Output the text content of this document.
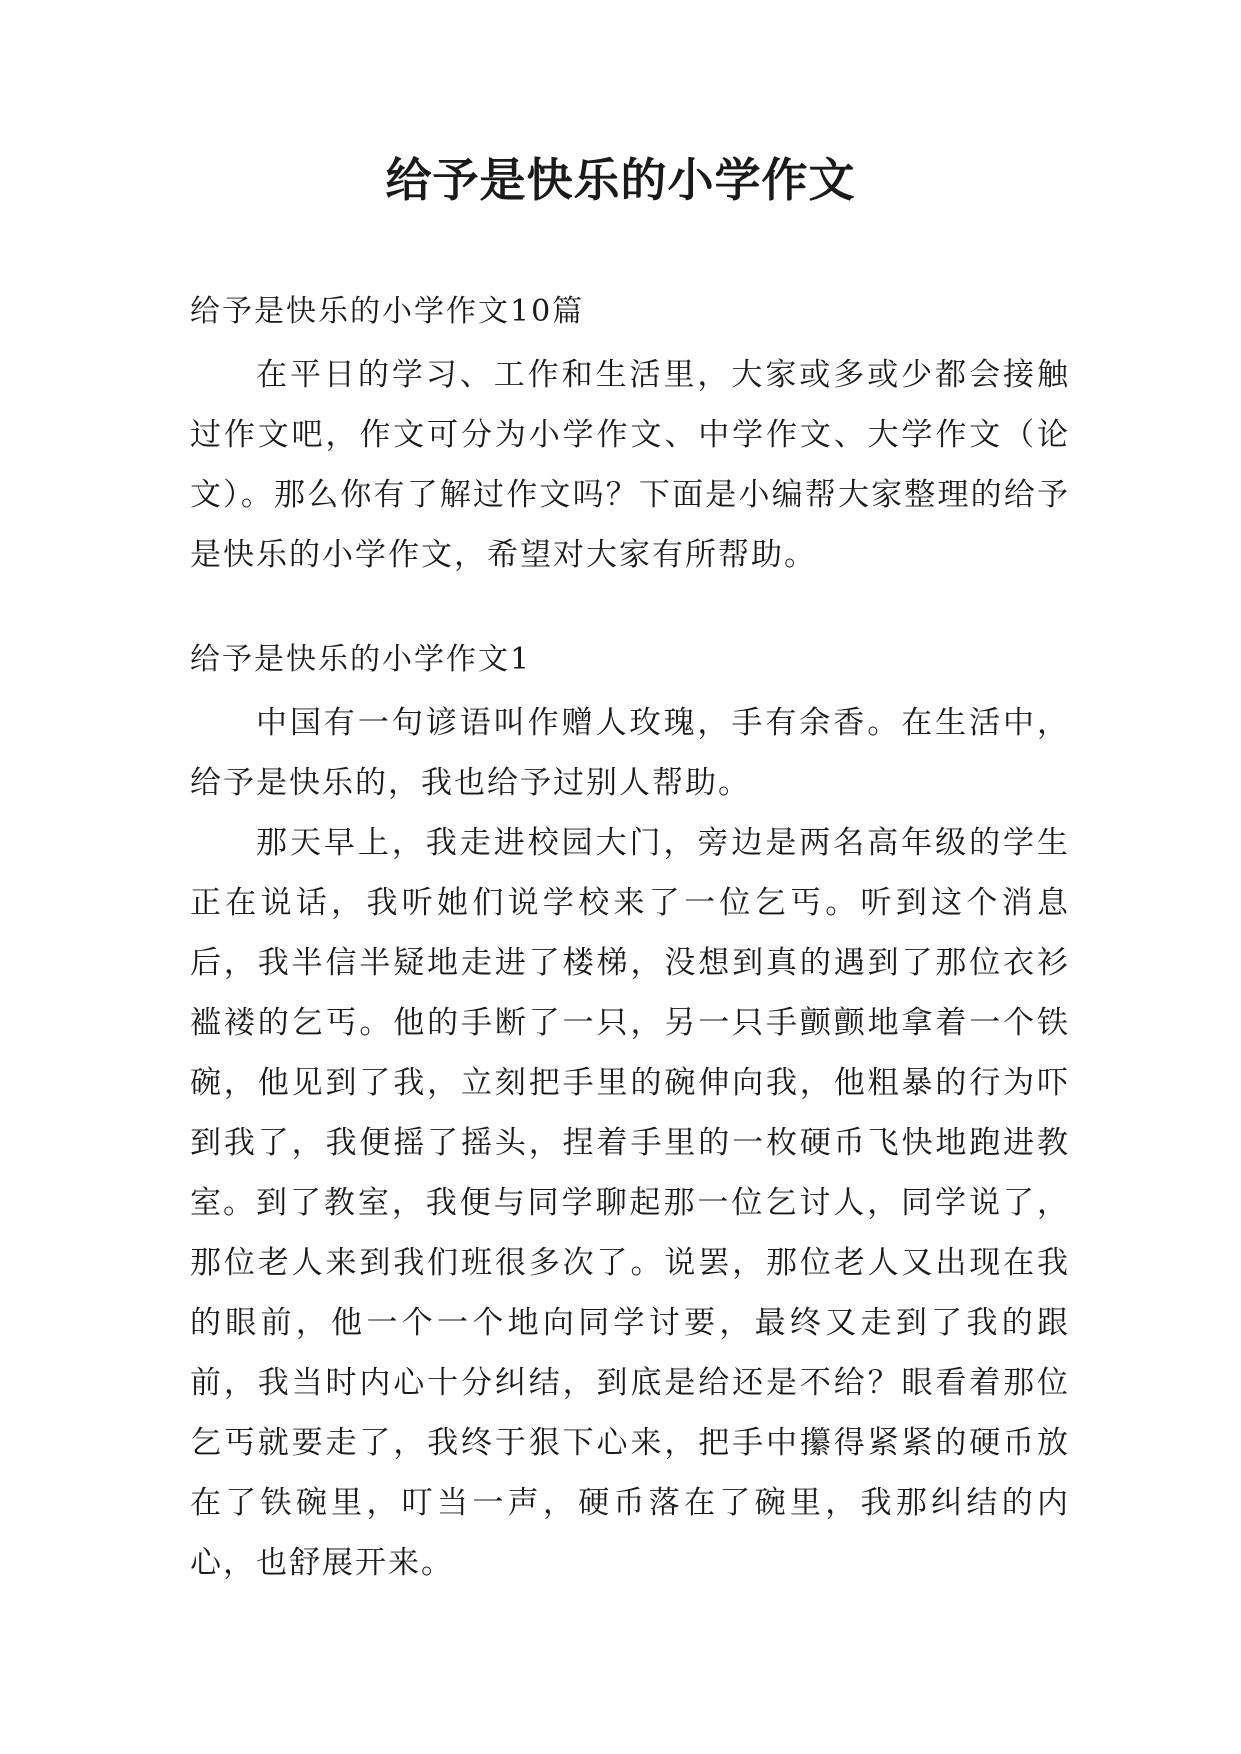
给予是快乐的小学作文

给予是快乐的小学作文10篇

在平日的学习、工作和生活里，大家或多或少都会接触过作文吧，作文可分为小学作文、中学作文、大学作文（论文）。那么你有了解过作文吗？下面是小编帮大家整理的给予是快乐的小学作文，希望对大家有所帮助。

给予是快乐的小学作文1

中国有一句谚语叫作赠人玫瑰，手有余香。在生活中，给予是快乐的，我也给予过别人帮助。

那天早上，我走进校园大门，旁边是两名高年级的学生正在说话，我听她们说学校来了一位乞丐。听到这个消息后，我半信半疑地走进了楼梯，没想到真的遇到了那位衣衫褴褛的乞丐。他的手断了一只，另一只手颤颤地拿着一个铁碗，他见到了我，立刻把手里的碗伸向我，他粗暴的行为吓到我了，我便摇了摇头，捏着手里的一枚硬币飞快地跑进教室。 到了教室，我便与同学聊起那一位乞讨人，同学说了，那位老人来到我们班很多次了。说罢，那位老人又出现在我的眼前，他一个一个地向同学讨要，最终又走到了我的跟前，我当时内心十分纠结，到底是给还是不给？眼看着那位乞丐就要走了，我终于狠下心来，把手中攥得紧紧的硬币放在了铁碗里，叮当一声，硬币落在了碗里，我那纠结的内心，也舒展开来。
